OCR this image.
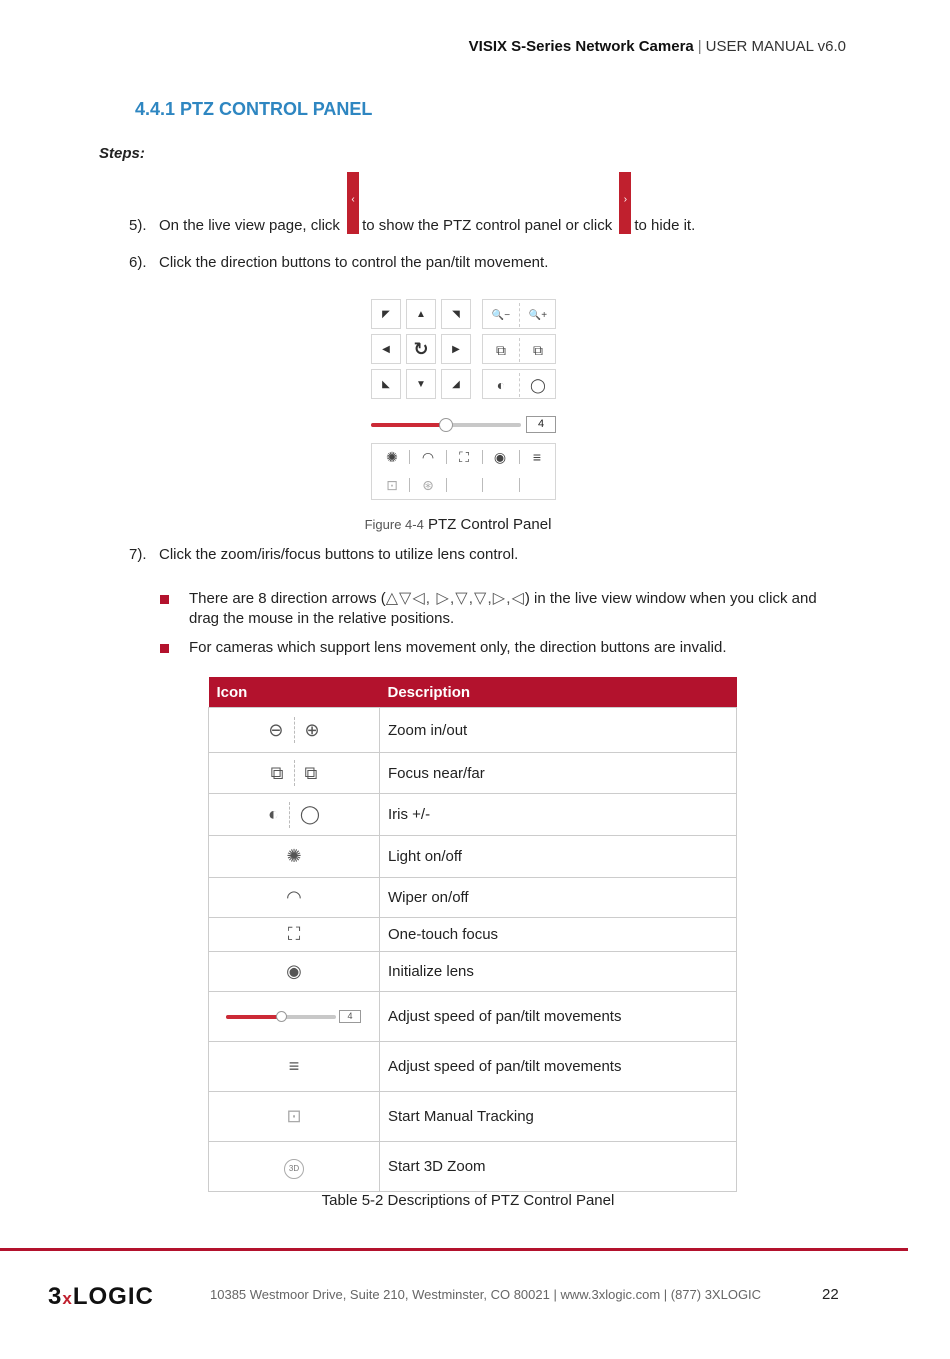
VISIX S-Series Network Camera | USER MANUAL v6.0
4.4.1 PTZ CONTROL PANEL
Steps:
5). On the live view page, click
‹
to show the PTZ control panel or click
›
to hide it.
6). Click the direction buttons to control the pan/tilt movement.
◤	▲	◥
◀	↻	▶
◣	▼	◢
🔍−	🔍+
⧉	⧉
◐	◯
4
✺	◠	⛶	◉	≡
⊡	⊛
Figure 4-4 PTZ Control Panel
7). Click the zoom/iris/focus buttons to utilize lens control.
There are 8 direction arrows (△▽◁, ▷,▽,▽,▷,◁) in the live view window when you click and drag the mouse in the relative positions.
For cameras which support lens movement only, the direction buttons are invalid.
Icon	Description

⊖ ⊕	Zoom in/out

⧉ ⧉	Focus near/far

◐ ◯	Iris +/-
✺	Light on/off
◠	Wiper on/off
⛶	One-touch focus
◉	Initialize lens

4	Adjust speed of pan/tilt movements
≡	Adjust speed of pan/tilt movements
⊡	Start Manual Tracking
3D	Start 3D Zoom
Table 5-2 Descriptions of PTZ Control Panel
3xLOGIC	10385 Westmoor Drive, Suite 210, Westminster, CO 80021 | www.3xlogic.com | (877) 3XLOGIC	22
